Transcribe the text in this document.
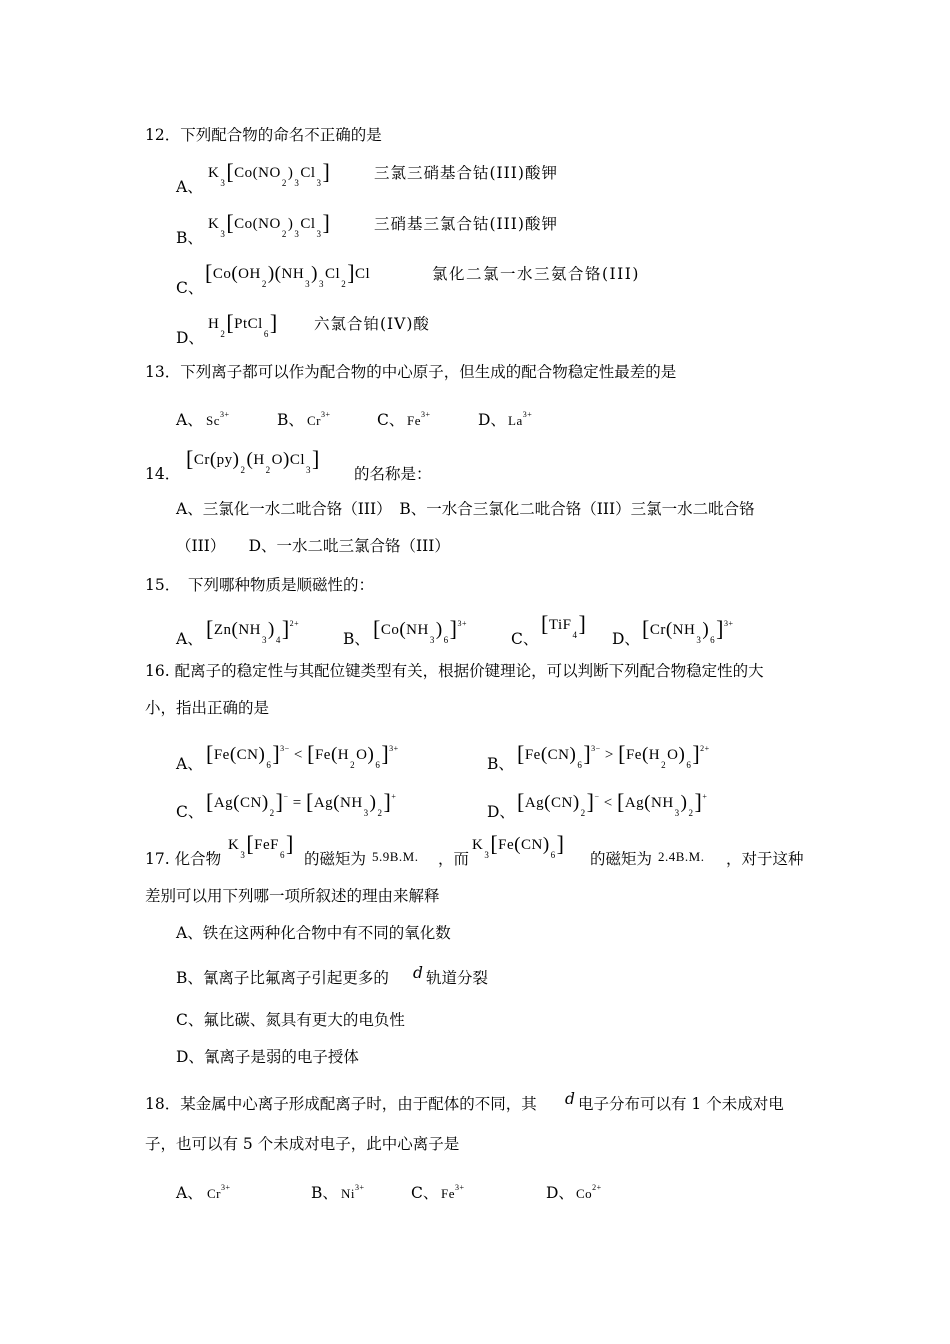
12．下列配合物的命名不正确的是
A、
$K_3[Co(NO_2)_3Cl_3]$	三氯三硝基合钴(III)酸钾
B、
$K_3[Co(NO_2)_3Cl_3]$	三硝基三氯合钴(III)酸钾
C、
$[Co(OH_2)(NH_3)_3Cl_2]Cl$	氯化二氯一水三氨合铬(III)
D、
$H_2[PtCl_6]$ 六氯合铂(IV)酸
13．下列离子都可以作为配合物的中心原子，但生成的配合物稳定性最差的是
A、 $Sc^{3+}$	B、 $Cr^{3+}$	C、 $Fe^{3+}$	D、 $La^{3+}$
14．
$[Cr(py)_2(H_2O)Cl_3]$
的名称是：
A、三氯化一水二吡合铬（III）　B、一水合三氯化二吡合铬（III）三氯一水二吡合铬
（III）　　D、一水二吡三氯合铬（III）
15．　下列哪种物质是顺磁性的：
A、 $[Zn(NH_3)_4]^{2+}$
B、 $[Co(NH_3)_6]^{3+}$
C、
[TiF$_4$]
D、 $[Cr(NH_3)_6]^{3+}$
16. 配离子的稳定性与其配位键类型有关，根据价键理论，可以判断下列配合物稳定性的大
小，指出正确的是
A、 $[Fe(CN)_6]^{3-} < [Fe(H_2O)_6]^{3+}$
B、 $[Fe(CN)_6]^{3-} > [Fe(H_2O)_6]^{2+}$
C、 $[Ag(CN)_2]^- = [Ag(NH_3)_2]^+$
D、 $[Ag(CN)_2]^- < [Ag(NH_3)_2]^+$
17. 化合物
$K_3[FeF_6]$
的磁矩为 5.9B.M. ，而
$K_3[Fe(CN)_6]$
的磁矩为 2.4B.M. ，对于这种
差别可以用下列哪一项所叙述的理由来解释
A、铁在这两种化合物中有不同的氧化数
B、氰离子比氟离子引起更多的 d 轨道分裂
C、氟比碳、氮具有更大的电负性
D、氰离子是弱的电子授体
18．某金属中心离子形成配离子时，由于配体的不同，其 d 电子分布可以有 1 个未成对电
子，也可以有 5 个未成对电子，此中心离子是
A、 $Cr^{3+}$	B、 $Ni^{3+}$	C、 $Fe^{3+}$	D、 $Co^{2+}$
